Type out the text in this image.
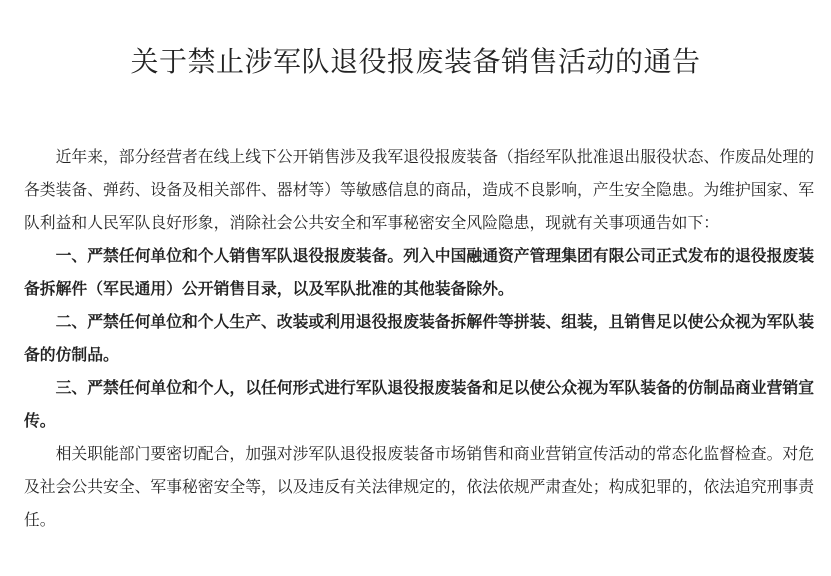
关于禁止涉军队退役报废装备销售活动的通告

近年来，部分经营者在线上线下公开销售涉及我军退役报废装备（指经军队批准退出服役状态、作废品处理的各类装备、弹药、设备及相关部件、器材等）等敏感信息的商品，造成不良影响，产生安全隐患。为维护国家、军队利益和人民军队良好形象，消除社会公共安全和军事秘密安全风险隐患，现就有关事项通告如下：

一、严禁任何单位和个人销售军队退役报废装备。列入中国融通资产管理集团有限公司正式发布的退役报废装备拆解件（军民通用）公开销售目录，以及军队批准的其他装备除外。

二、严禁任何单位和个人生产、改装或利用退役报废装备拆解件等拼装、组装，且销售足以使公众视为军队装备的仿制品。

三、严禁任何单位和个人，以任何形式进行军队退役报废装备和足以使公众视为军队装备的仿制品商业营销宣传。

相关职能部门要密切配合，加强对涉军队退役报废装备市场销售和商业营销宣传活动的常态化监督检查。对危及社会公共安全、军事秘密安全等，以及违反有关法律规定的，依法依规严肃查处；构成犯罪的，依法追究刑事责任。
